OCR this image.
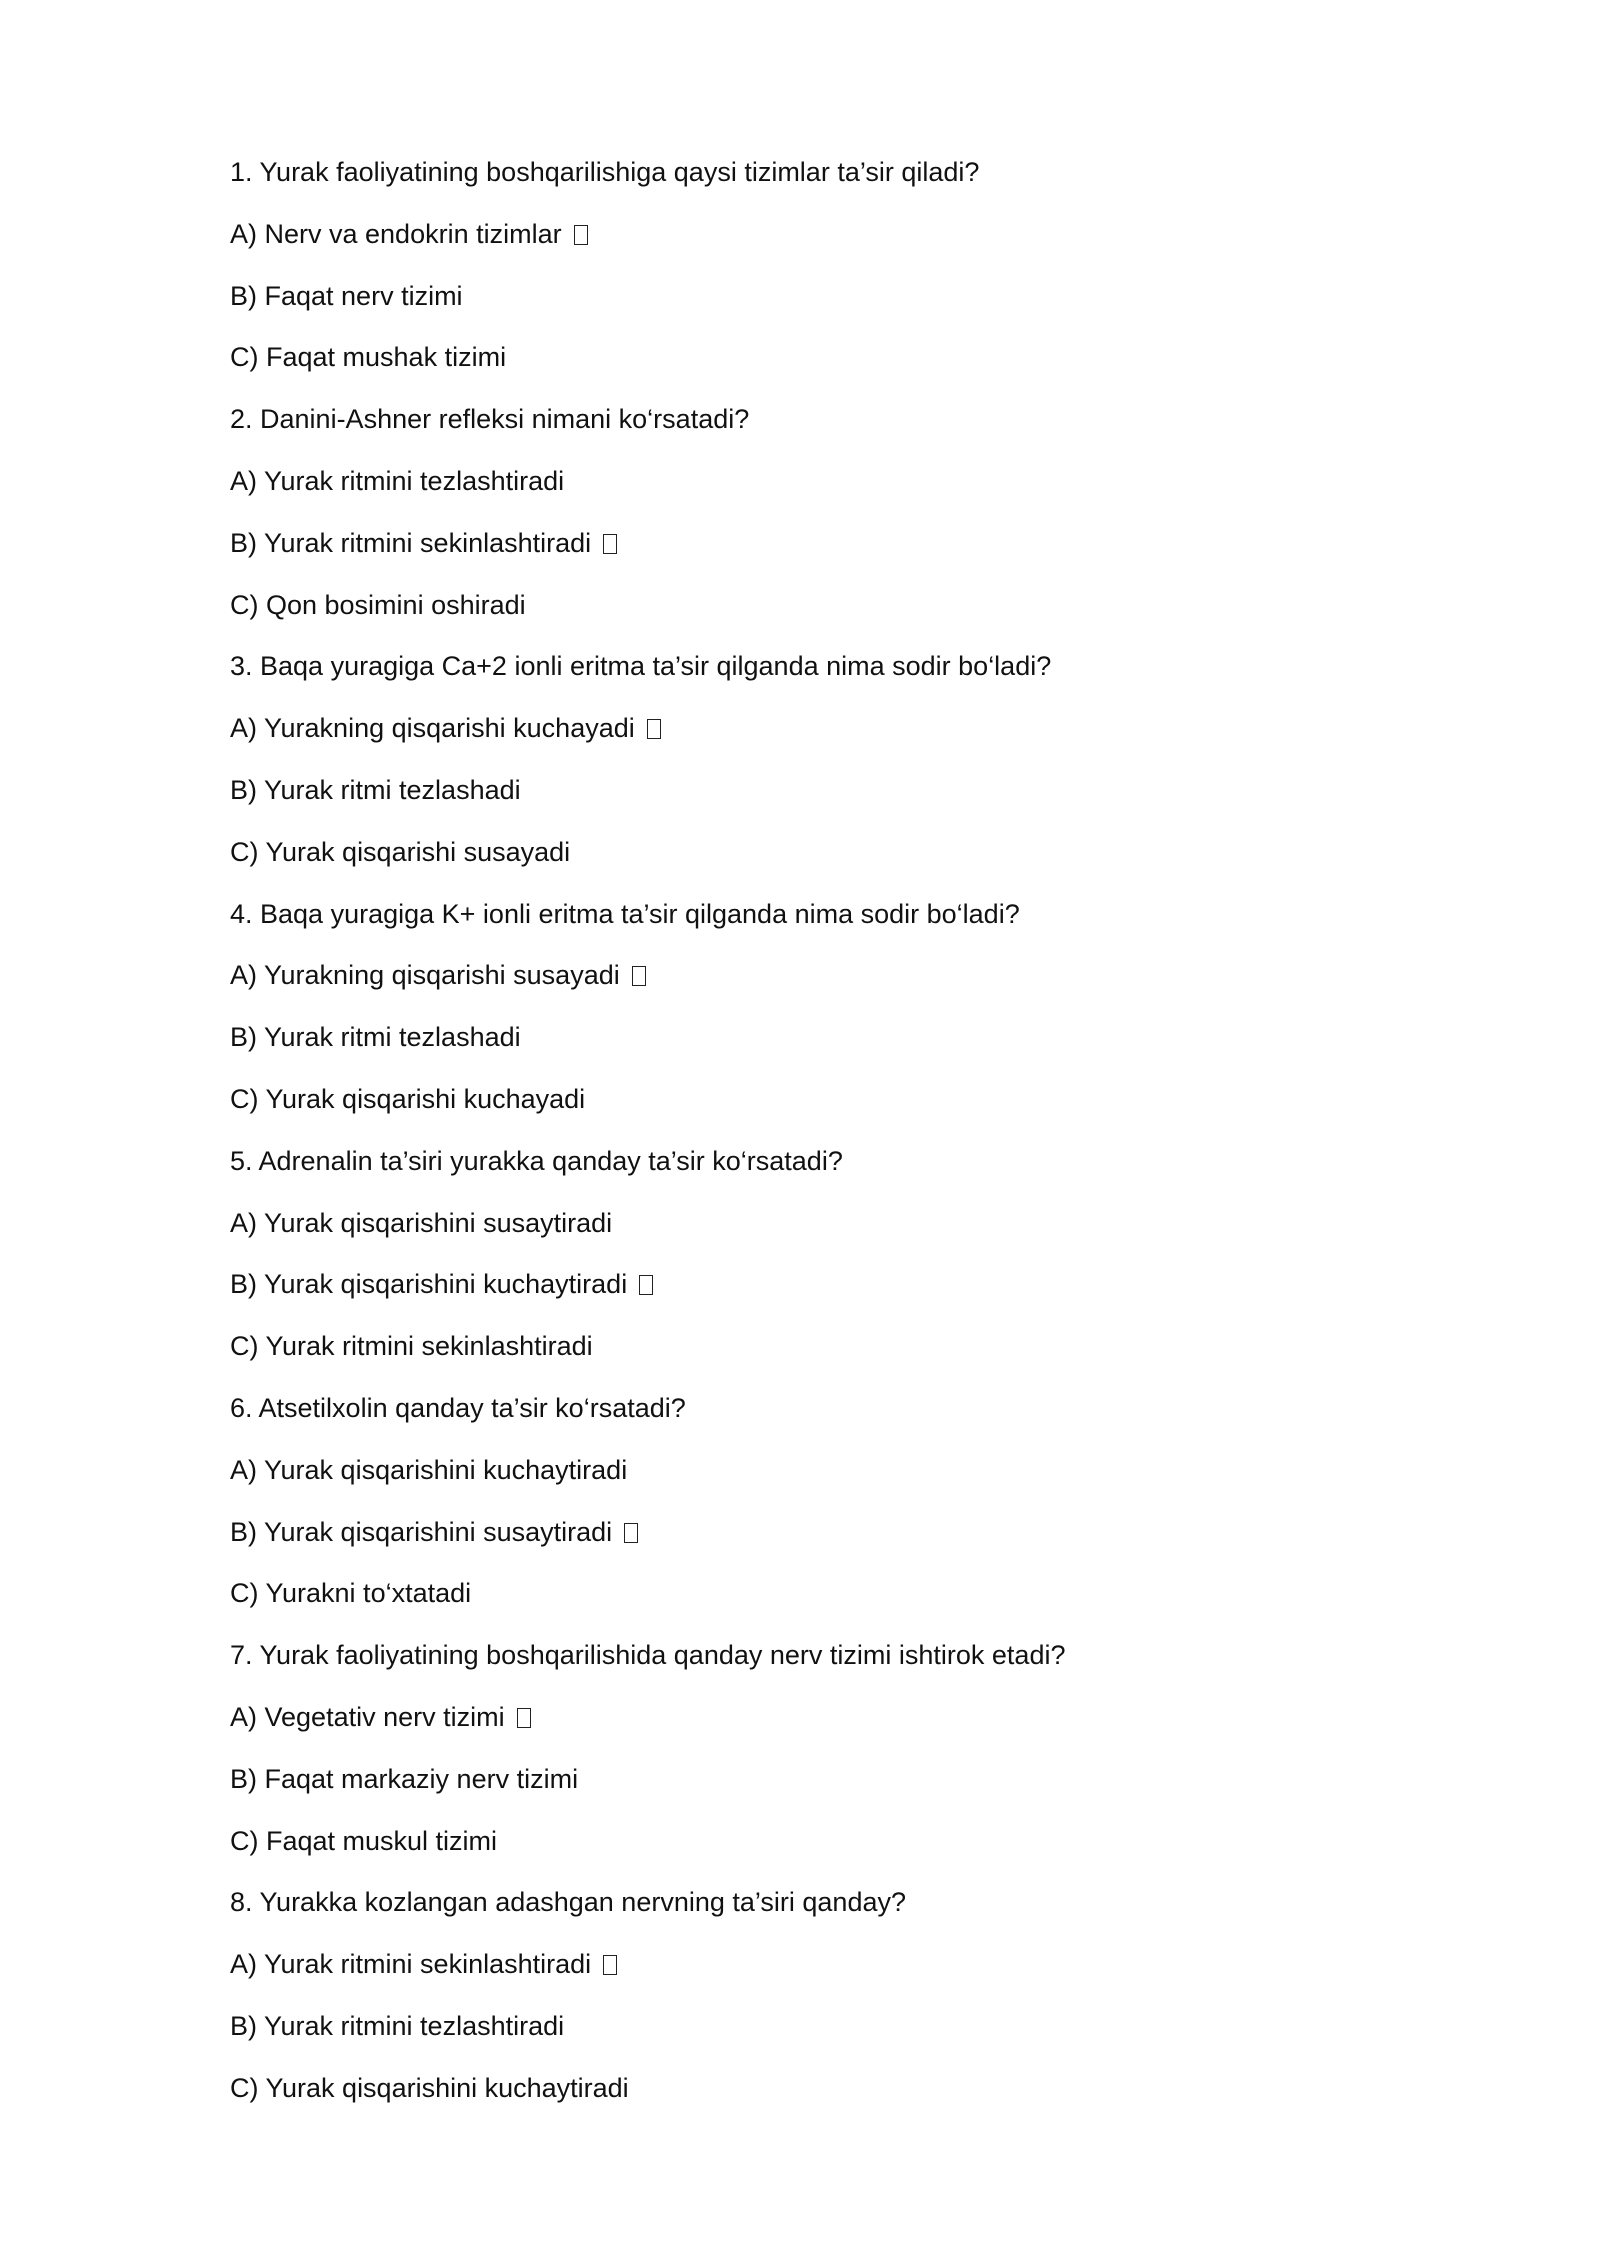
1. Yurak faoliyatining boshqarilishiga qaysi tizimlar ta’sir qiladi?
A) Nerv va endokrin tizimlar
B) Faqat nerv tizimi
C) Faqat mushak tizimi
2. Danini-Ashner refleksi nimani ko‘rsatadi?
A) Yurak ritmini tezlashtiradi
B) Yurak ritmini sekinlashtiradi
C) Qon bosimini oshiradi
3. Baqa yuragiga Ca+2 ionli eritma ta’sir qilganda nima sodir bo‘ladi?
A) Yurakning qisqarishi kuchayadi
B) Yurak ritmi tezlashadi
C) Yurak qisqarishi susayadi
4. Baqa yuragiga K+ ionli eritma ta’sir qilganda nima sodir bo‘ladi?
A) Yurakning qisqarishi susayadi
B) Yurak ritmi tezlashadi
C) Yurak qisqarishi kuchayadi
5. Adrenalin ta’siri yurakka qanday ta’sir ko‘rsatadi?
A) Yurak qisqarishini susaytiradi
B) Yurak qisqarishini kuchaytiradi
C) Yurak ritmini sekinlashtiradi
6. Atsetilxolin qanday ta’sir ko‘rsatadi?
A) Yurak qisqarishini kuchaytiradi
B) Yurak qisqarishini susaytiradi
C) Yurakni to‘xtatadi
7. Yurak faoliyatining boshqarilishida qanday nerv tizimi ishtirok etadi?
A) Vegetativ nerv tizimi
B) Faqat markaziy nerv tizimi
C) Faqat muskul tizimi
8. Yurakka kozlangan adashgan nervning ta’siri qanday?
A) Yurak ritmini sekinlashtiradi
B) Yurak ritmini tezlashtiradi
C) Yurak qisqarishini kuchaytiradi
